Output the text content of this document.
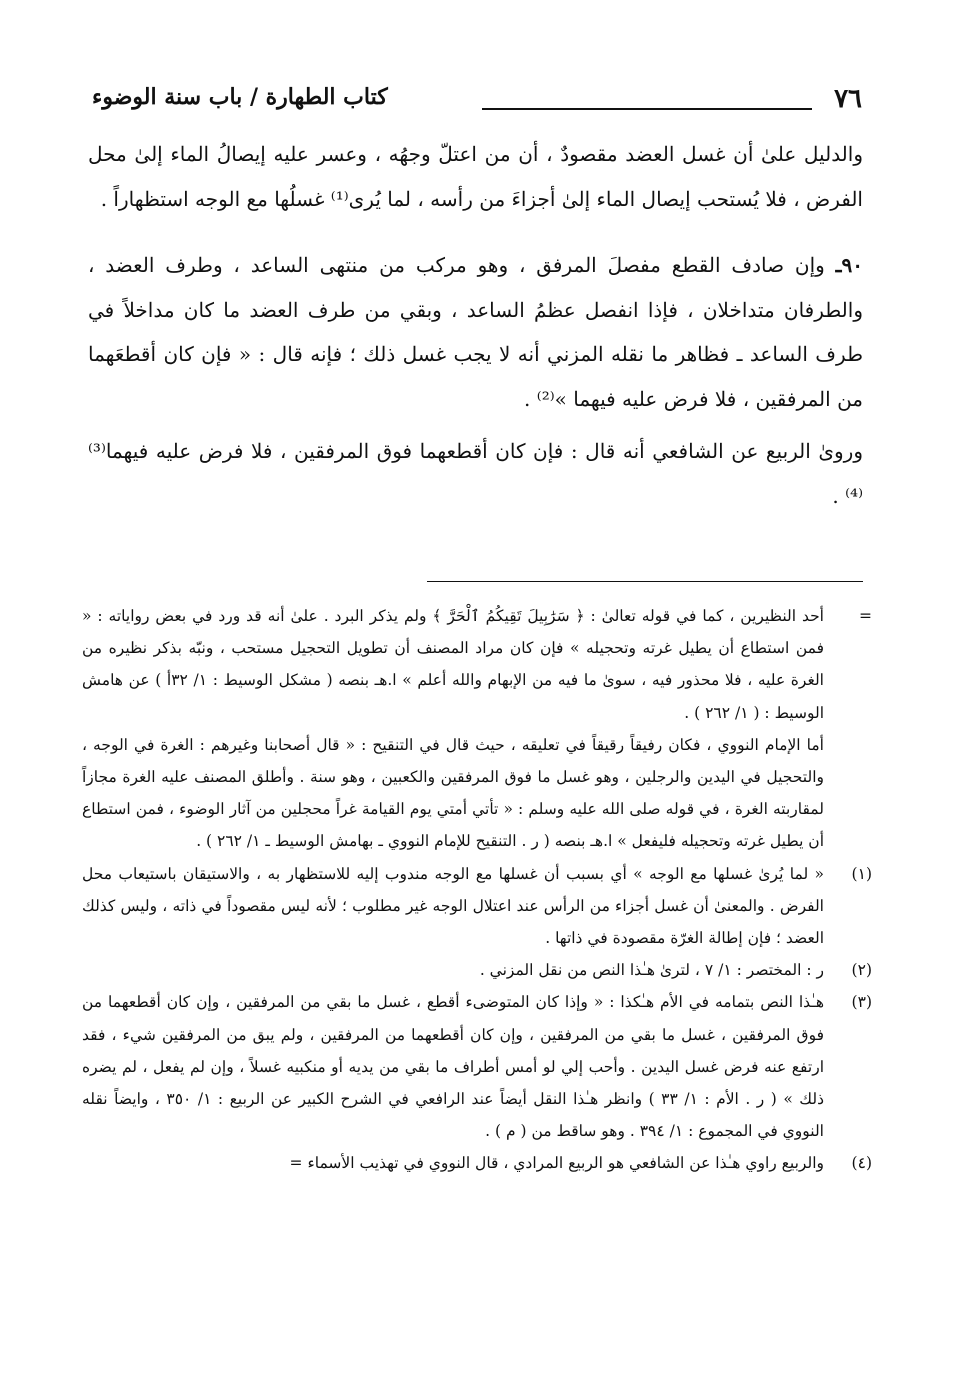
٧٦
كتاب الطهارة / باب سنة الوضوء

والدليل علىٰ أن غسل العضد مقصودٌ ، أن من اعتلّ وجهُه ، وعسر عليه إيصالُ الماء إلىٰ محل الفرض ، فلا يُستحب إيصال الماء إلىٰ أجزاءَ من رأسه ، لما يُرى⁽¹⁾ غسلُها مع الوجه استظهاراً .

٩٠ـ وإن صادف القطع مفصلَ المرفق ، وهو مركب من منتهى الساعد ، وطرف العضد ، والطرفان متداخلان ، فإذا انفصل عظمُ الساعد ، وبقي من طرف العضد ما كان مداخلاً في طرف الساعد ـ فظاهر ما نقله المزني أنه لا يجب غسل ذلك ؛ فإنه قال : « فإن كان أقطعَهما من المرفقين ، فلا فرض عليه فيهما »⁽²⁾ .

وروىٰ الربيع عن الشافعي أنه قال : فإن كان أقطعهما فوق المرفقين ، فلا فرض عليه فيهما⁽³⁾ ⁽⁴⁾ .

=

أحد النظيرين ، كما في قوله تعالىٰ : ﴿ سَرَٰبِيلَ تَقِيكُمُ ٱلْحَرَّ ﴾ ولم يذكر البرد . علىٰ أنه قد ورد في بعض رواياته : « فمن استطاع أن يطيل غرته وتحجيله » فإن كان مراد المصنف أن تطويل التحجيل مستحب ، ونبّه بذكر نظيره من الغرة عليه ، فلا محذور فيه ، سوىٰ ما فيه من الإبهام والله أعلم » ا.هـ بنصه ( مشكل الوسيط : ١/ ٣٢أ ) عن هامش الوسيط : ( ١/ ٢٦٢ ) .

أما الإمام النووي ، فكان رفيقاً رقيقاً في تعليقه ، حيث قال في التنقيح : « قال أصحابنا وغيرهم : الغرة في الوجه ، والتحجيل في اليدين والرجلين ، وهو غسل ما فوق المرفقين والكعبين ، وهو سنة . وأطلق المصنف عليه الغرة مجازاً لمقاربته الغرة ، في قوله صلى الله عليه وسلم : « تأتي أمتي يوم القيامة غراً محجلين من آثار الوضوء ، فمن استطاع أن يطيل غرته وتحجيله فليفعل » ا.هـ بنصه ( ر . التنقيح للإمام النووي ـ بهامش الوسيط ـ ١/ ٢٦٢ ) .

(١)

« لما يُرىٰ غسلها مع الوجه » أي بسبب أن غسلها مع الوجه مندوب إليه للاستظهار به ، والاستيقان باستيعاب محل الفرض . والمعنىٰ أن غسل أجزاء من الرأس عند اعتلال الوجه غير مطلوب ؛ لأنه ليس مقصوداً في ذاته ، وليس كذلك العضد ؛ فإن إطالة الغرّة مقصودة في ذاتها .

(٢)

ر : المختصر : ١/ ٧ ، لترىٰ هـٰذا النص من نقل المزني .

(٣)

هـٰذا النص بتمامه في الأم هـٰكذا : « وإذا كان المتوضىء أقطع ، غسل ما بقي من المرفقين ، وإن كان أقطعهما من فوق المرفقين ، غسل ما بقي من المرفقين ، وإن كان أقطعهما من المرفقين ، ولم يبق من المرفقين شيء ، فقد ارتفع عنه فرض غسل اليدين . وأحب إلي لو أمس أطراف ما بقي من يديه أو منكبيه غسلاً ، وإن لم يفعل ، لم يضره ذلك » ( ر . الأم : ١/ ٣٣ ) وانظر هـٰذا النقل أيضاً عند الرافعي في الشرح الكبير عن الربيع : ١/ ٣٥٠ ، وايضاً نقله النووي في المجموع : ١/ ٣٩٤ . وهو ساقط من ( م ) .

(٤)

والربيع راوي هـٰذا عن الشافعي هو الربيع المرادي ، قال النووي في تهذيب الأسماء =
